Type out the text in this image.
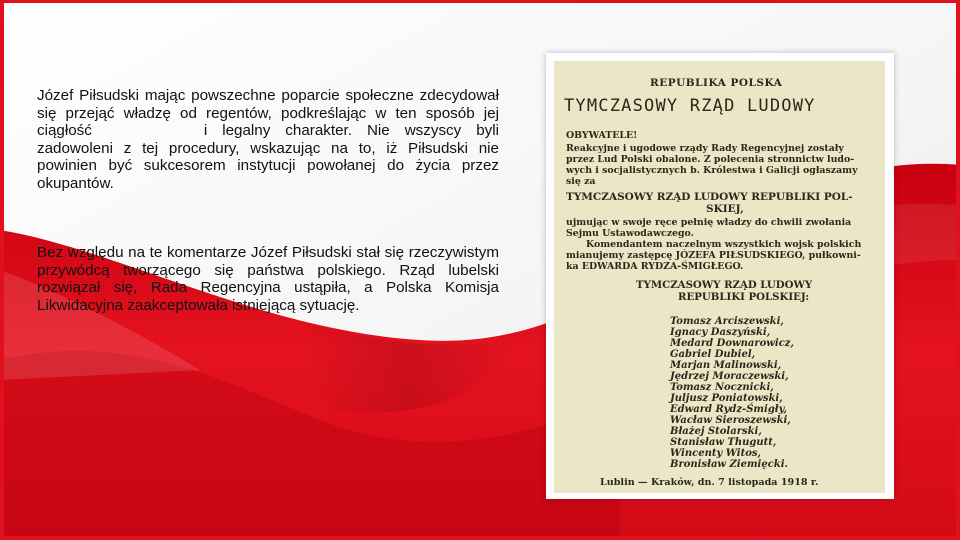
Józef Piłsudski mając powszechne poparcie społeczne zdecydował się przejąć władzę od regentów, podkreślając w ten sposób jej ciągłość	i legalny charakter. Nie wszyscy byli zadowoleni z tej procedury, wskazując na to, iż Piłsudski nie powinien być sukcesorem instytucji powołanej do życia przez okupantów.

Bez względu na te komentarze Józef Piłsudski stał się rzeczywistym przywódcą tworzącego się państwa polskiego. Rząd lubelski rozwiązał się, Rada Regencyjna ustąpiła, a Polska Komisja Likwidacyjna zaakceptowała istniejącą sytuację.

REPUBLIKA POLSKA
TYMCZASOWY RZĄD LUDOWY
OBYWATELE!
Reakcyjne i ugodowe rządy Rady Regencyjnej zostały
przez Lud Polski obalone. Z polecenia stronnictw ludo-
wych i socjalistycznych b. Królestwa i Galicji ogłaszamy
się za
TYMCZASOWY RZĄD LUDOWY REPUBLIKI POL-
SKIEJ,
ujmując w swoje ręce pełnię władzy do chwili zwołania
Sejmu Ustawodawczego.
Komendantem naczelnym wszystkich wojsk polskich
mianujemy zastępcę JÓZEFA PIŁSUDSKIEGO, pułkowni-
ka EDWARDA RYDZA-ŚMIGŁEGO.
TYMCZASOWY RZĄD LUDOWY
REPUBLIKI POLSKIEJ:
Tomasz Arciszewski,
Ignacy Daszyński,
Medard Downarowicz,
Gabriel Dubiel,
Marjan Malinowski,
Jędrzej Moraczewski,
Tomasz Nocznicki,
Juljusz Poniatowski,
Edward Rydz-Śmigły,
Wacław Sieroszewski,
Błażej Stolarski,
Stanisław Thugutt,
Wincenty Witos,
Bronisław Ziemięcki.
Lublin — Kraków, dn. 7 listopada 1918 r.
